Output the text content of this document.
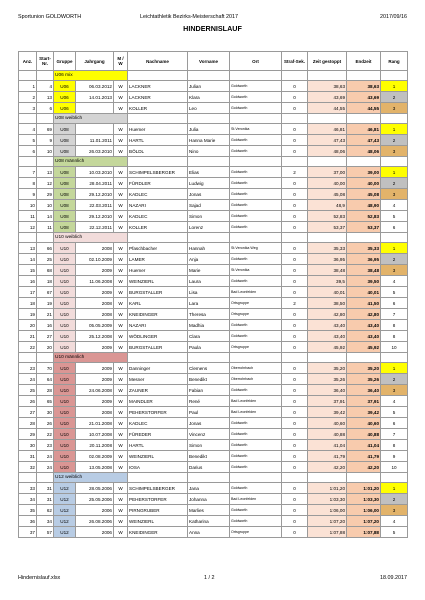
Sportunion GOLDWORTH	Leichtathletik Bezirks-Meisterschaft 2017	2017/09/16
HINDERNISLAUF
Anz.	Start-Nr.	Gruppe	Jahrgang	M / W	Nachname	Vorname	Ort	Straf-Sek.	Zeit gestoppt	Endzeit	Rang
		U06 mix									
1	4	U06	06.03.2012	W	LACKNER	Julian	Goldworth	0	38,63	38,63	1
2	13	U06	14.01.2013	W	LACKNER	Klara	Goldworth	0	43,69	43,69	2
3	6	U06		W	KOLLER	Leo	Goldworth	0	44,55	44,55	3
		U08 weiblich									
4	69	U08		W	Huemer	Julia	St.Veronika	0	46,81	46,81	1
5	9	U08	11.01.2011	W	HARTL	Hanna Marie	Goldworth	0	47,43	47,43	2
6	10	U08	26.03.2010	W	BÖLDL	Nino	Goldworth	0	48,06	48,06	3
		U08 männlich									
7	13	U08	10.03.2010	W	SCHIMPELSBERGER	Elias	Goldworth	2	37,00	39,00	1
8	12	U08	28.04.2011	W	FÜRDLER	Ludwig	Goldworth	0	40,00	40,00	2
9	29	U08	29.12.2010	W	KADLEC	Jonas	Goldworth	0	45,08	45,08	3
10	10	U08	22.03.2011	W	NAZARI	Sajad	Goldworth	0	48,9	48,90	4
11	14	U08	29.12.2010	W	KADLEC	Simon	Goldworth	0	52,83	52,83	5
12	11	U08	22.12.2011	W	KOLLER	Lorenz	Goldworth	0	53,37	53,37	6
		U10 weiblich									
13	66	U10	2008	W	Pfaschbacher	Hannah	St.Veronika Weg	0	35,33	35,33	1
14	25	U10	02.10.2009	W	LAMER	Anja	Goldworth	0	36,95	36,95	2
15	68	U10	2009	W	Huemer	Marie	St.Veronika	0	38,48	38,48	3
16	18	U10	11.06.2008	W	WEINZIERL	Laura	Goldworth	0	39,5	39,50	4
17	67	U10	2009	W	BURGSTALLER	Lisa	Bad Leonfelden	0	40,01	40,01	5
18	19	U10	2008	W	KARL	Lara	Ortsgruppe	2	38,50	41,50	6
19	21	U10	2008	W	KNEIDINGER	Theresa	Ortsgruppe	0	42,80	42,80	7
20	16	U10	05.05.2009	W	NAZARI	Madhia	Goldworth	0	43,40	43,40	8
21	27	U10	25.12.2008	W	WÖDLINGER	Clara	Goldworth	0	43,40	43,40	8
22	20	U10	2009	W	BURGSTALLER	Paula	Ortsgruppe	0	45,92	45,92	10
		U10 männlich									
23	70	U10	2009	W	Danninger	Clemens	Oberrohrbach	0	35,20	35,20	1
24	64	U10	2009	W	Mesner	Benedikt	Oberrohrbach	0	35,26	35,26	2
25	28	U10	24.06.2008	W	ZAUNER	Fabian	Goldworth	0	36,40	36,40	3
26	65	U10	2009	W	MAINDLER	René	Bad Leonfelden	0	37,91	37,91	4
27	30	U10	2008	W	PEHERSTORFER	Paul	Bad Leonfelden	0	39,42	39,42	5
28	26	U10	21.01.2008	W	KADLEC	Jonas	Goldworth	0	40,60	40,60	6
29	22	U10	10.07.2008	W	FÜREDER	Vincenz	Goldworth	0	40,88	40,88	7
30	23	U10	20.11.2008	W	HARTL	Simon	Goldworth	0	41,04	41,04	8
31	24	U10	02.08.2009	W	WEINZIERL	Benedikt	Goldworth	0	41,79	41,79	9
32	24	U10	13.05.2008	W	IOSA	Darius	Goldworth	0	42,20	42,20	10
		U12 weiblich									
33	31	U12	28.05.2006	W	SCHIMPELSBERGER	Jana	Goldworth	0	1:01,20	1:01,20	1
34	31	U12	25.05.2006	W	PEHERSTORFER	Johanna	Bad Leonfelden	0	1:03,30	1:03,30	2
35	62	U12	2006	W	PIRNGRUBER	Marlies	Goldworth	0	1:06,00	1:06,00	3
36	34	U12	26.08.2006	W	WEINZIERL	Katharina	Goldworth	0	1:07,20	1:07,20	4
37	57	U12	2006	W	KNEIDINGER	Anna	Ortsgruppe	0	1:07,88	1:07,88	5
Hindernislauf.xlsx	1 / 2	18.09.2017
